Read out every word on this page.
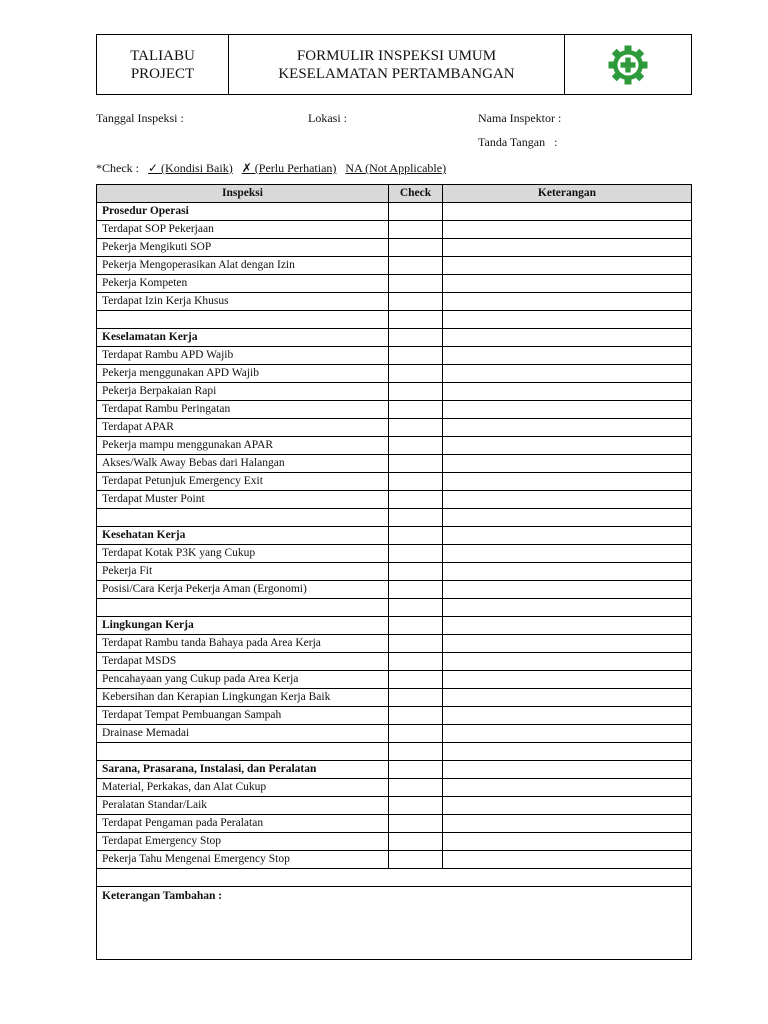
TALIABU
PROJECT
FORMULIR INSPEKSI UMUM
KESELAMATAN PERTAMBANGAN
Tanggal Inspeksi :	Lokasi :	Nama Inspektor :
Tanda Tangan   :
*Check : ✓ (Kondisi Baik) ✗ (Perlu Perhatian) NA (Not Applicable)
Inspeksi	Check	Keterangan
Prosedur Operasi		
Terdapat SOP Pekerjaan		
Pekerja Mengikuti SOP		
Pekerja Mengoperasikan Alat dengan Izin		
Pekerja Kompeten		
Terdapat Izin Kerja Khusus		

Keselamatan Kerja		
Terdapat Rambu APD Wajib		
Pekerja menggunakan APD Wajib		
Pekerja Berpakaian Rapi		
Terdapat Rambu Peringatan		
Terdapat APAR		
Pekerja mampu menggunakan APAR		
Akses/Walk Away Bebas dari Halangan		
Terdapat Petunjuk Emergency Exit		
Terdapat Muster Point		

Kesehatan Kerja		
Terdapat Kotak P3K yang Cukup		
Pekerja Fit		
Posisi/Cara Kerja Pekerja Aman (Ergonomi)		

Lingkungan Kerja		
Terdapat Rambu tanda Bahaya pada Area Kerja		
Terdapat MSDS		
Pencahayaan yang Cukup pada Area Kerja		
Kebersihan dan Kerapian Lingkungan Kerja Baik		
Terdapat Tempat Pembuangan Sampah		
Drainase Memadai		

Sarana, Prasarana, Instalasi, dan Peralatan		
Material, Perkakas, dan Alat Cukup		
Peralatan Standar/Laik		
Terdapat Pengaman pada Peralatan		
Terdapat Emergency Stop		
Pekerja Tahu Mengenai Emergency Stop		

Keterangan Tambahan :		
